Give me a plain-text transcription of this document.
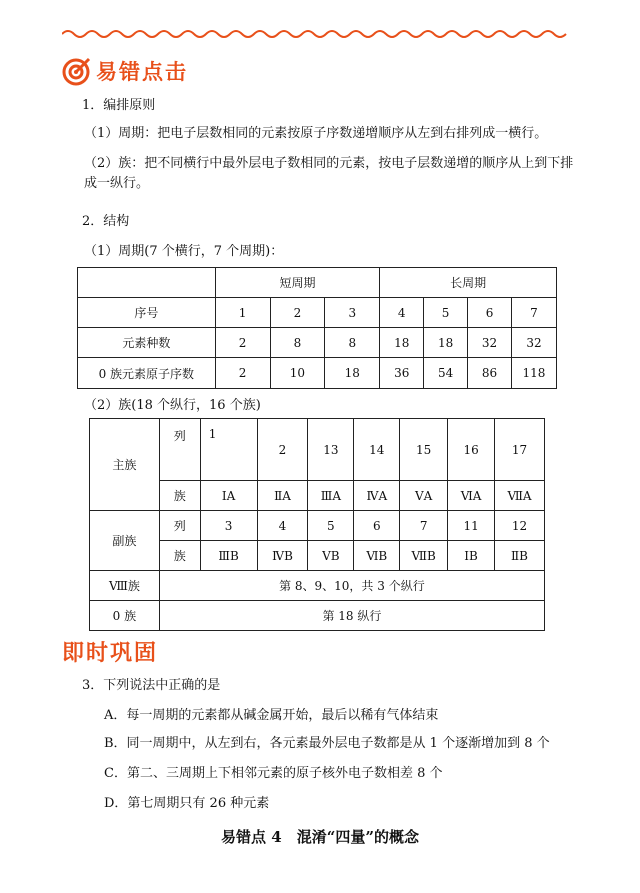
易错点击
1．编排原则
（1）周期：把电子层数相同的元素按原子序数递增顺序从左到右排列成一横行。
（2）族：把不同横行中最外层电子数相同的元素，按电子层数递增的顺序从上到下排成一纵行。
2．结构
（1）周期(7 个横行，7 个周期)：
	短周期			长周期			
序号	1	2	3	4	5	6	7
元素种数	2	8	8	18	18	32	32
0 族元素原子序数	2	10	18	36	54	86	118
（2）族(18 个纵行，16 个族)
主族	列	1	2	13	14	15	16	17
	族	ⅠA	ⅡA	ⅢA	ⅣA	ⅤA	ⅥA	ⅦA
副族	列	3	4	5	6	7	11	12
	族	ⅢB	ⅣB	ⅤB	ⅥB	ⅦB	ⅠB	ⅡB
Ⅷ族	第 8、9、10，共 3 个纵行							
0 族	第 18 纵行							
即时巩固
3．下列说法中正确的是
A．每一周期的元素都从碱金属开始，最后以稀有气体结束
B．同一周期中，从左到右，各元素最外层电子数都是从 1 个逐渐增加到 8 个
C．第二、三周期上下相邻元素的原子核外电子数相差 8 个
D．第七周期只有 26 种元素
易错点 4　混淆“四量”的概念
